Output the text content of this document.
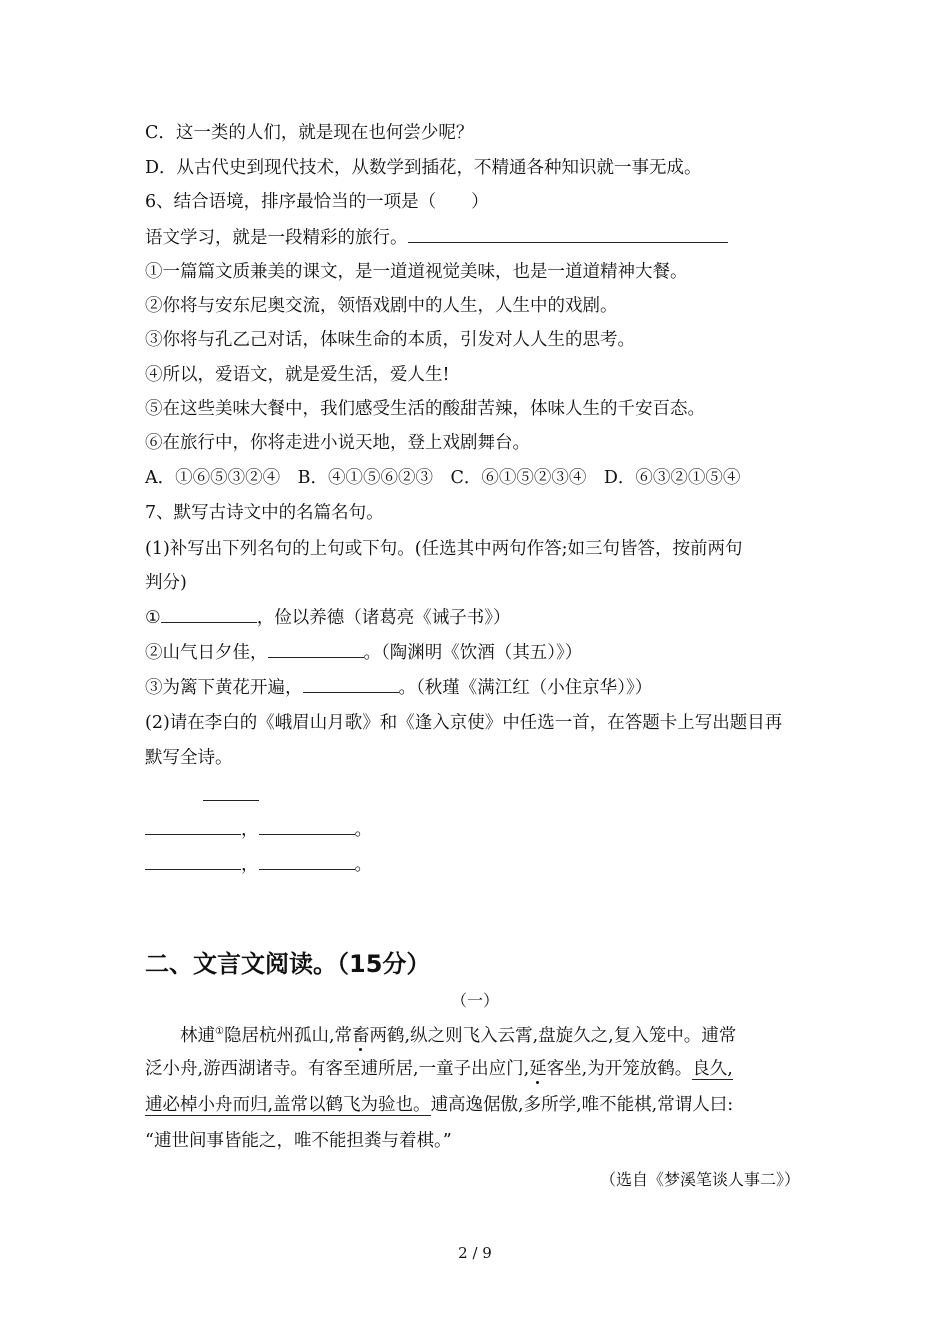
C．这一类的人们，就是现在也何尝少呢？
D．从古代史到现代技术，从数学到插花，不精通各种知识就一事无成。
6、结合语境，排序最恰当的一项是（　　）
语文学习，就是一段精彩的旅行。
①一篇篇文质兼美的课文，是一道道视觉美味，也是一道道精神大餐。
②你将与安东尼奥交流，领悟戏剧中的人生，人生中的戏剧。
③你将与孔乙己对话，体味生命的本质，引发对人人生的思考。
④所以，爱语文，就是爱生活，爱人生!
⑤在这些美味大餐中，我们感受生活的酸甜苦辣，体味人生的千安百态。
⑥在旅行中，你将走进小说天地，登上戏剧舞台。
A．①⑥⑤③②④　B．④①⑤⑥②③　C．⑥①⑤②③④　D．⑥③②①⑤④
7、默写古诗文中的名篇名句。
(1)补写出下列名句的上句或下句。(任选其中两句作答;如三句皆答，按前两句
判分)
①	，俭以养德（诸葛亮《诫子书》）
②山气日夕佳，	。（陶渊明《饮酒（其五）》）
③为篱下黄花开遍，	。（秋瑾《满江红（小住京华）》）
(2)请在李白的《峨眉山月歌》和《逢入京使》中任选一首，在答题卡上写出题目再
默写全诗。
，	。
，	。
二、文言文阅读。（15分）
（一）
林逋①隐居杭州孤山,常畜两鹤,纵之则飞入云霄,盘旋久之,复入笼中。逋常
泛小舟,游西湖诸寺。有客至逋所居,一童子出应门,延客坐,为开笼放鹤。良久,
逋必棹小舟而归,盖常以鹤飞为验也。逋高逸倨傲,多所学,唯不能棋,常谓人曰:
“逋世间事皆能之，唯不能担粪与着棋。”
（选自《梦溪笔谈人事二》）
2 / 9
